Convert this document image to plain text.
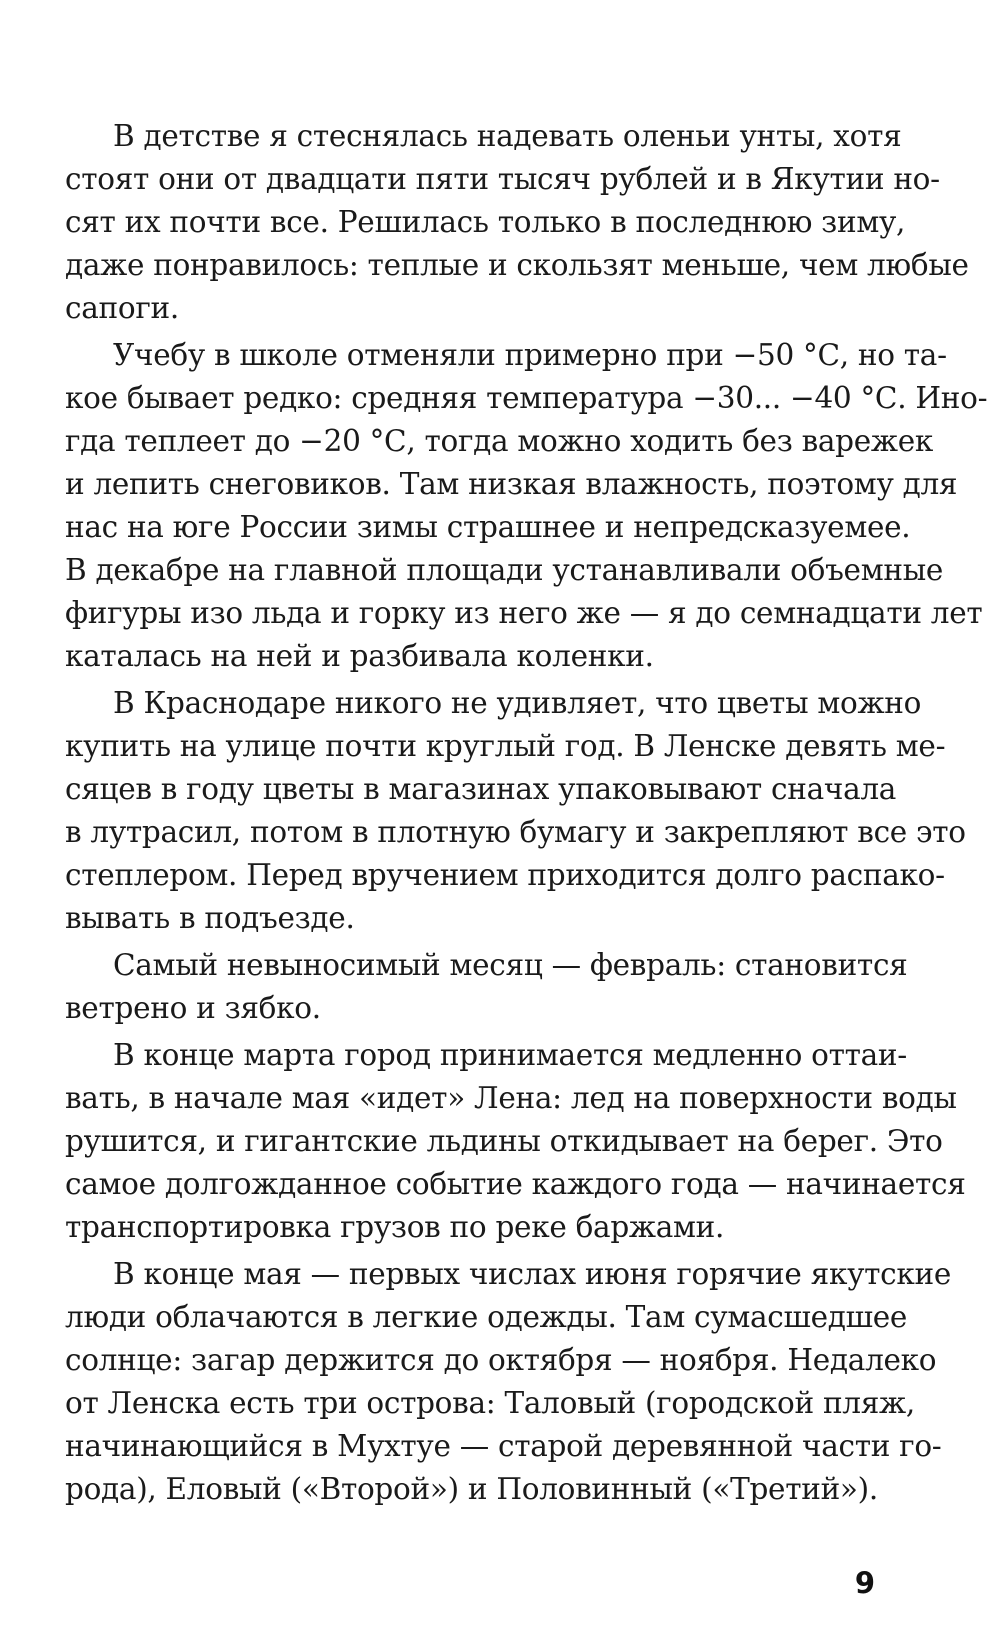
В детстве я стеснялась надевать оленьи унты, хотя
стоят они от двадцати пяти тысяч рублей и в Якутии но-
сят их почти все. Решилась только в последнюю зиму,
даже понравилось: теплые и скользят меньше, чем любые
сапоги.
Учебу в школе отменяли примерно при −50 °С, но та-
кое бывает редко: средняя температура −30... −40 °С. Ино-
гда теплеет до −20 °С, тогда можно ходить без варежек
и лепить снеговиков. Там низкая влажность, поэтому для
нас на юге России зимы страшнее и непредсказуемее.
В декабре на главной площади устанавливали объемные
фигуры изо льда и горку из него же — я до семнадцати лет
каталась на ней и разбивала коленки.
В Краснодаре никого не удивляет, что цветы можно
купить на улице почти круглый год. В Ленске девять ме-
сяцев в году цветы в магазинах упаковывают сначала
в лутрасил, потом в плотную бумагу и закрепляют все это
степлером. Перед вручением приходится долго распако-
вывать в подъезде.
Самый невыносимый месяц — февраль: становится
ветрено и зябко.
В конце марта город принимается медленно оттаи-
вать, в начале мая «идет» Лена: лед на поверхности воды
рушится, и гигантские льдины откидывает на берег. Это
самое долгожданное событие каждого года — начинается
транспортировка грузов по реке баржами.
В конце мая — первых числах июня горячие якутские
люди облачаются в легкие одежды. Там сумасшедшее
солнце: загар держится до октября — ноября. Недалеко
от Ленска есть три острова: Таловый (городской пляж,
начинающийся в Мухтуе — старой деревянной части го-
рода), Еловый («Второй») и Половинный («Третий»).
9
